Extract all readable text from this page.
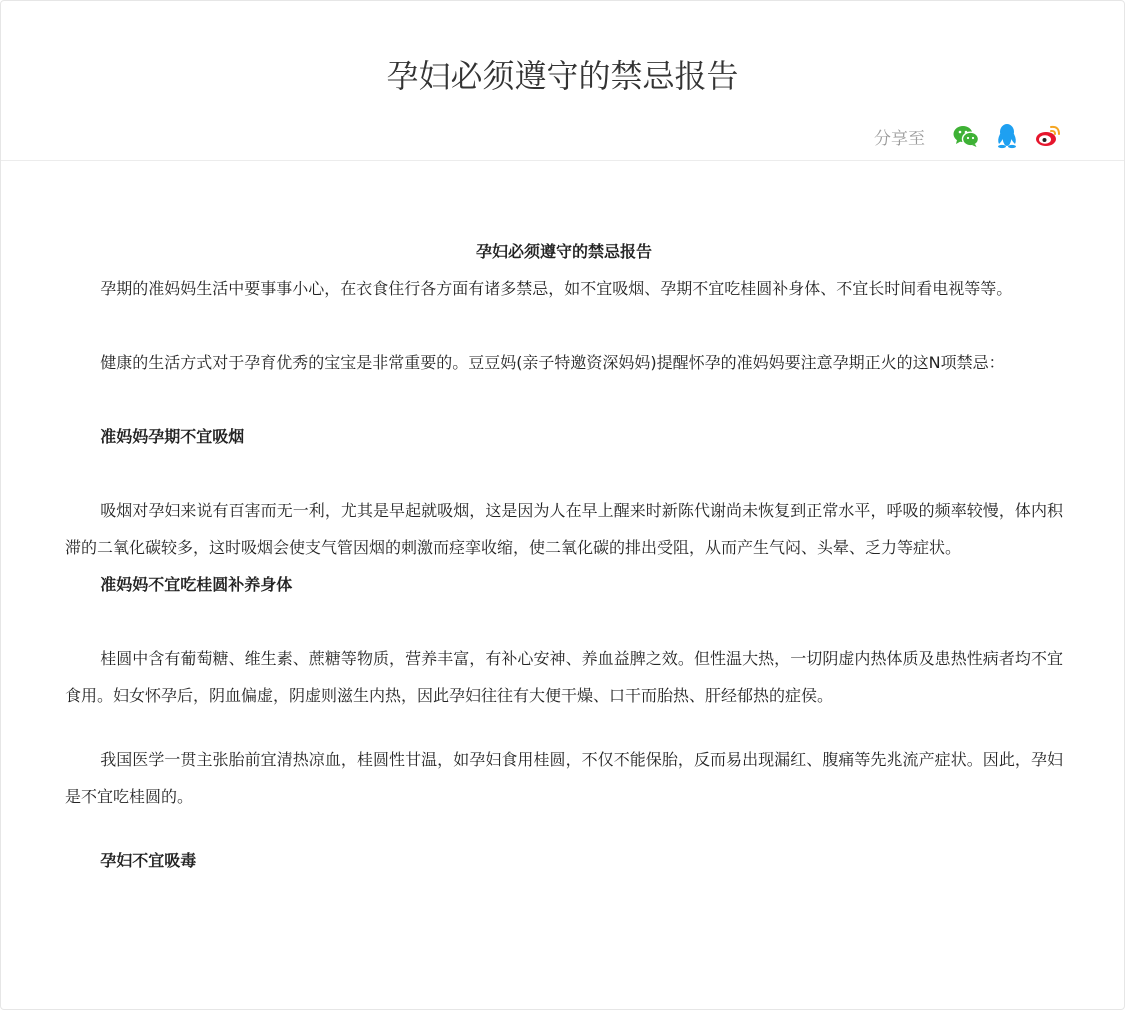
孕妇必须遵守的禁忌报告
分享至

孕妇必须遵守的禁忌报告

孕期的准妈妈生活中要事事小心，在衣食住行各方面有诸多禁忌，如不宜吸烟、孕期不宜吃桂圆补身体、不宜长时间看电视等等。

健康的生活方式对于孕育优秀的宝宝是非常重要的。豆豆妈(亲子特邀资深妈妈)提醒怀孕的准妈妈要注意孕期正火的这N项禁忌：

准妈妈孕期不宜吸烟

吸烟对孕妇来说有百害而无一利，尤其是早起就吸烟，这是因为人在早上醒来时新陈代谢尚未恢复到正常水平，呼吸的频率较慢，体内积滞的二氧化碳较多，这时吸烟会使支气管因烟的刺激而痉挛收缩，使二氧化碳的排出受阻，从而产生气闷、头晕、乏力等症状。

准妈妈不宜吃桂圆补养身体

桂圆中含有葡萄糖、维生素、蔗糖等物质，营养丰富，有补心安神、养血益脾之效。但性温大热，一切阴虚内热体质及患热性病者均不宜食用。妇女怀孕后，阴血偏虚，阴虚则滋生内热，因此孕妇往往有大便干燥、口干而胎热、肝经郁热的症侯。

我国医学一贯主张胎前宜清热凉血，桂圆性甘温，如孕妇食用桂圆，不仅不能保胎，反而易出现漏红、腹痛等先兆流产症状。因此，孕妇是不宜吃桂圆的。

孕妇不宜吸毒
